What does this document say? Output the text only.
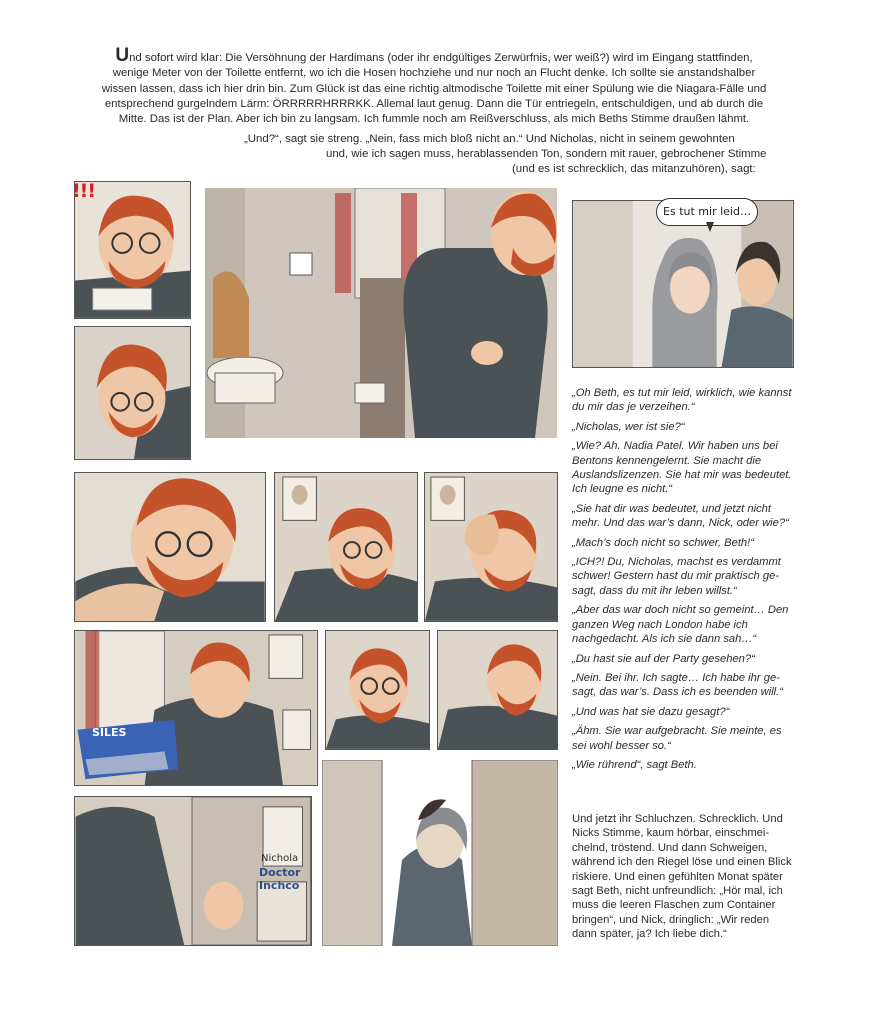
Und sofort wird klar: Die Versöhnung der Hardimans (oder ihr endgültiges Zerwürfnis, wer weiß?) wird im Eingang stattfinden,
wenige Meter von der Toilette entfernt, wo ich die Hosen hochziehe und nur noch an Flucht denke. Ich sollte sie anstandshalber
wissen lassen, dass ich hier drin bin. Zum Glück ist das eine richtig altmodische Toilette mit einer Spülung wie die Niagara-Fälle und
entsprechend gurgelndem Lärm: ÖRRRRRHRRRKK. Allemal laut genug. Dann die Tür entriegeln, entschuldigen, und ab durch die
Mitte. Das ist der Plan. Aber ich bin zu langsam. Ich fummle noch am Reißverschluss, als mich Beths Stimme draußen lähmt.
„Und?“, sagt sie streng. „Nein, fass mich bloß nicht an.“ Und Nicholas, nicht in seinem gewohnten
und, wie ich sagen muss, herablassenden Ton, sondern mit rauer, gebrochener Stimme
(und es ist schrecklich, das mitanzuhören), sagt:
!!!
Es tut mir leid…
SILES
Nichola
Doctor
Inchco

„Oh Beth, es tut mir leid, wirklich, wie kannst du mir das je verzeihen.“

„Nicholas, wer ist sie?“

„Wie? Ah. Nadia Patel. Wir haben uns bei Bentons kennengelernt. Sie macht die Auslandslizenzen. Sie hat mir was bedeutet. Ich leugne es nicht.“

„Sie hat dir was bedeutet, und jetzt nicht mehr. Und das war’s dann, Nick, oder wie?“

„Mach’s doch nicht so schwer, Beth!“

„ICH?! Du, Nicholas, machst es verdammt schwer! Gestern hast du mir praktisch gesagt, dass du mit ihr leben willst.“

„Aber das war doch nicht so gemeint… Den ganzen Weg nach London habe ich nachgedacht. Als ich sie dann sah…“

„Du hast sie auf der Party gesehen?“

„Nein. Bei ihr. Ich sagte… Ich habe ihr gesagt, das war’s. Dass ich es beenden will.“

„Und was hat sie dazu gesagt?“

„Ähm. Sie war aufgebracht. Sie meinte, es sei wohl besser so.“

„Wie rührend“, sagt Beth.

Und jetzt ihr Schluchzen. Schrecklich. Und Nicks Stimme, kaum hörbar, einschmeichelnd, tröstend. Und dann Schweigen, während ich den Riegel löse und einen Blick riskiere. Und einen gefühlten Monat später sagt Beth, nicht unfreundlich: „Hör mal, ich muss die leeren Flaschen zum Container bringen“, und Nick, dringlich: „Wir reden dann später, ja? Ich liebe dich.“
